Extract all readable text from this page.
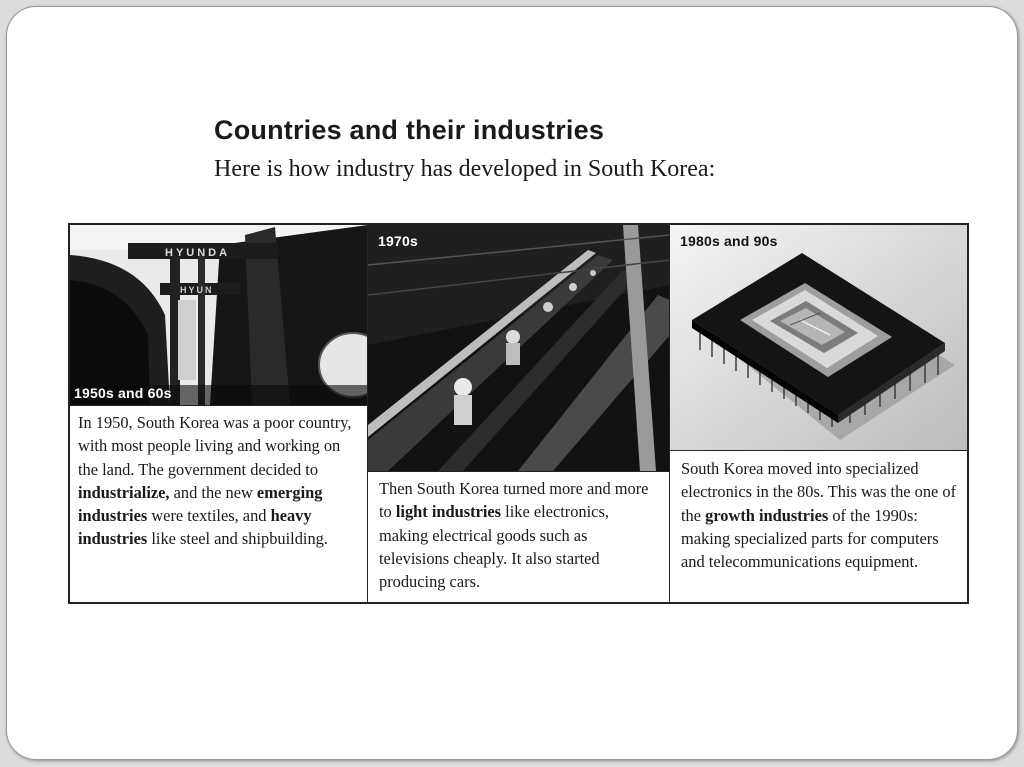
Countries and their industries

Here is how industry has developed in South Korea:

HYUNDA
HYUN
1950s and 60s
In 1950, South Korea was a poor country, with most people living and working on the land. The government decided to industrialize, and the new emerging industries were textiles, and heavy industries like steel and shipbuilding.
1970s
Then South Korea turned more and more to light industries like electronics, making electrical goods such as televisions cheaply. It also started producing cars.
1980s and 90s
South Korea moved into specialized electronics in the 80s. This was the one of the growth industries of the 1990s: making specialized parts for computers and telecommunications equipment.
